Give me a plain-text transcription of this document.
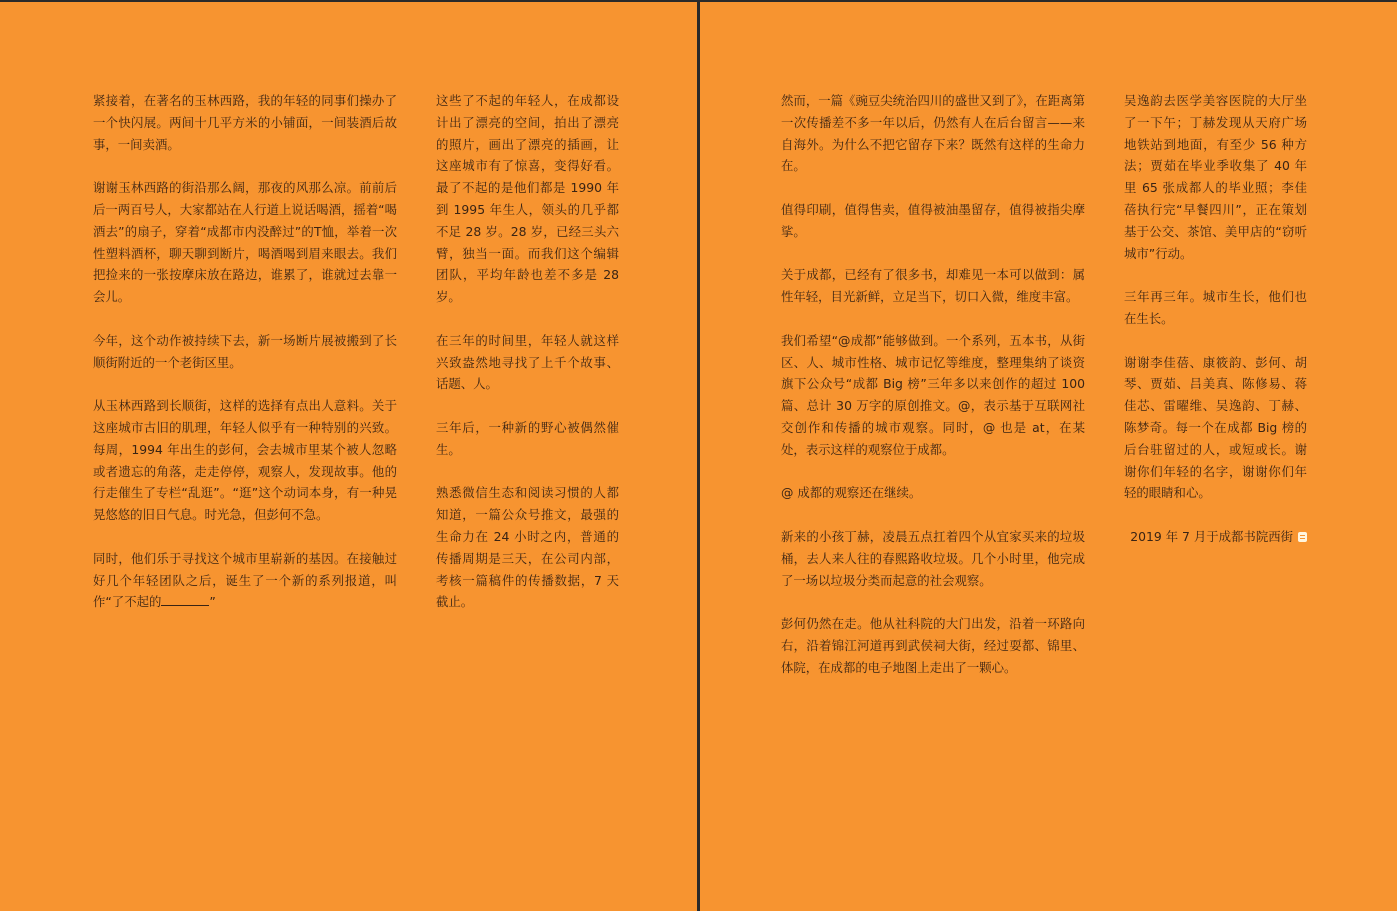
紧接着，在著名的玉林西路，我的年轻的同事们操办了一个快闪展。两间十几平方米的小铺面，一间装酒后故事，一间卖酒。

谢谢玉林西路的街沿那么阔，那夜的风那么凉。前前后后一两百号人，大家都站在人行道上说话喝酒，摇着“喝酒去”的扇子，穿着“成都市内没醉过”的T恤，举着一次性塑料酒杯，聊天聊到断片，喝酒喝到眉来眼去。我们把捡来的一张按摩床放在路边，谁累了，谁就过去靠一会儿。

今年，这个动作被持续下去，新一场断片展被搬到了长顺街附近的一个老街区里。

从玉林西路到长顺街，这样的选择有点出人意料。关于这座城市古旧的肌理，年轻人似乎有一种特别的兴致。每周，1994 年出生的彭何，会去城市里某个被人忽略或者遗忘的角落，走走停停，观察人，发现故事。他的行走催生了专栏“乱逛”。“逛”这个动词本身，有一种晃晃悠悠的旧日气息。时光急，但彭何不急。

同时，他们乐于寻找这个城市里崭新的基因。在接触过好几个年轻团队之后，诞生了一个新的系列报道，叫作“了不起的	”

这些了不起的年轻人，在成都设计出了漂亮的空间，拍出了漂亮的照片，画出了漂亮的插画，让这座城市有了惊喜，变得好看。最了不起的是他们都是 1990 年到 1995 年生人，领头的几乎都不足 28 岁。28 岁，已经三头六臂，独当一面。而我们这个编辑团队，平均年龄也差不多是 28 岁。

在三年的时间里，年轻人就这样兴致盎然地寻找了上千个故事、话题、人。

三年后，一种新的野心被偶然催生。

熟悉微信生态和阅读习惯的人都知道，一篇公众号推文，最强的生命力在 24 小时之内，普通的传播周期是三天，在公司内部，考核一篇稿件的传播数据，7 天截止。

然而，一篇《豌豆尖统治四川的盛世又到了》，在距离第一次传播差不多一年以后，仍然有人在后台留言——来自海外。为什么不把它留存下来？既然有这样的生命力在。

值得印刷，值得售卖，值得被油墨留存，值得被指尖摩挲。

关于成都，已经有了很多书，却难见一本可以做到：属性年轻，目光新鲜，立足当下，切口入微，维度丰富。

我们希望“@成都”能够做到。一个系列，五本书，从街区、人、城市性格、城市记忆等维度，整理集纳了谈资旗下公众号“成都 Big 榜”三年多以来创作的超过 100 篇、总计 30 万字的原创推文。@，表示基于互联网社交创作和传播的城市观察。同时，@ 也是 at，在某处，表示这样的观察位于成都。

@ 成都的观察还在继续。

新来的小孩丁赫，凌晨五点扛着四个从宜家买来的垃圾桶，去人来人往的春熙路收垃圾。几个小时里，他完成了一场以垃圾分类而起意的社会观察。

彭何仍然在走。他从社科院的大门出发，沿着一环路向右，沿着锦江河道再到武侯祠大街，经过耍都、锦里、体院，在成都的电子地图上走出了一颗心。

吴逸韵去医学美容医院的大厅坐了一下午；丁赫发现从天府广场地铁站到地面，有至少 56 种方法；贾茹在毕业季收集了 40 年里 65 张成都人的毕业照；李佳蓓执行完“早餐四川”，正在策划基于公交、茶馆、美甲店的“窃听城市”行动。

三年再三年。城市生长，他们也在生长。

谢谢李佳蓓、康筱韵、彭何、胡琴、贾茹、吕美真、陈修易、蒋佳芯、雷曜维、吴逸韵、丁赫、陈梦奇。每一个在成都 Big 榜的后台驻留过的人，或短或长。谢谢你们年轻的名字，谢谢你们年轻的眼睛和心。

2019 年 7 月于成都书院西街
